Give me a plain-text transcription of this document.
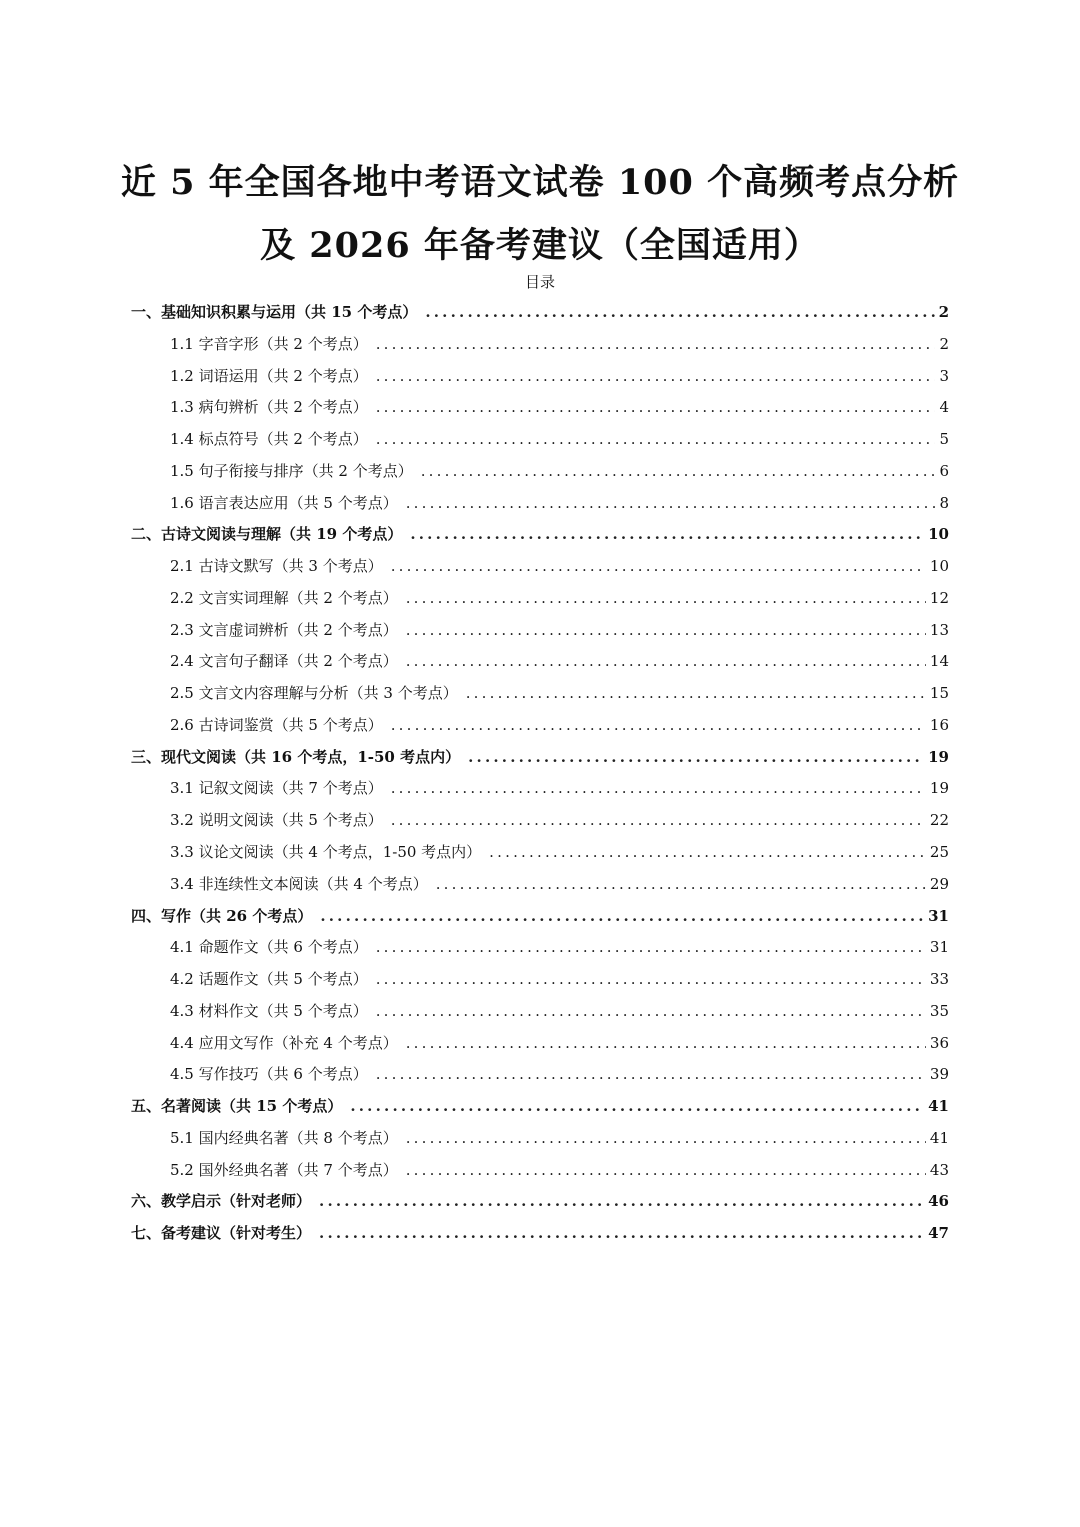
近 5 年全国各地中考语文试卷 100 个高频考点分析
及 2026 年备考建议（全国适用）
目录
一、基础知识积累与运用（共 15 个考点） .....	2
1.1 字音字形（共 2 个考点） .....	2
1.2 词语运用（共 2 个考点） .....	3
1.3 病句辨析（共 2 个考点） .....	4
1.4 标点符号（共 2 个考点） .....	5
1.5 句子衔接与排序（共 2 个考点） .....	6
1.6 语言表达应用（共 5 个考点） .....	8
二、古诗文阅读与理解（共 19 个考点） .....	10
2.1 古诗文默写（共 3 个考点） .....	10
2.2 文言实词理解（共 2 个考点） .....	12
2.3 文言虚词辨析（共 2 个考点） .....	13
2.4 文言句子翻译（共 2 个考点） .....	14
2.5 文言文内容理解与分析（共 3 个考点） .....	15
2.6 古诗词鉴赏（共 5 个考点） .....	16
三、现代文阅读（共 16 个考点，1-50 考点内） .....	19
3.1 记叙文阅读（共 7 个考点） .....	19
3.2 说明文阅读（共 5 个考点） .....	22
3.3 议论文阅读（共 4 个考点，1-50 考点内） .....	25
3.4 非连续性文本阅读（共 4 个考点） .....	29
四、写作（共 26 个考点） .....	31
4.1 命题作文（共 6 个考点） .....	31
4.2 话题作文（共 5 个考点） .....	33
4.3 材料作文（共 5 个考点） .....	35
4.4 应用文写作（补充 4 个考点） .....	36
4.5 写作技巧（共 6 个考点） .....	39
五、名著阅读（共 15 个考点） .....	41
5.1 国内经典名著（共 8 个考点） .....	41
5.2 国外经典名著（共 7 个考点） .....	43
六、教学启示（针对老师） .....	46
七、备考建议（针对考生） .....	47
